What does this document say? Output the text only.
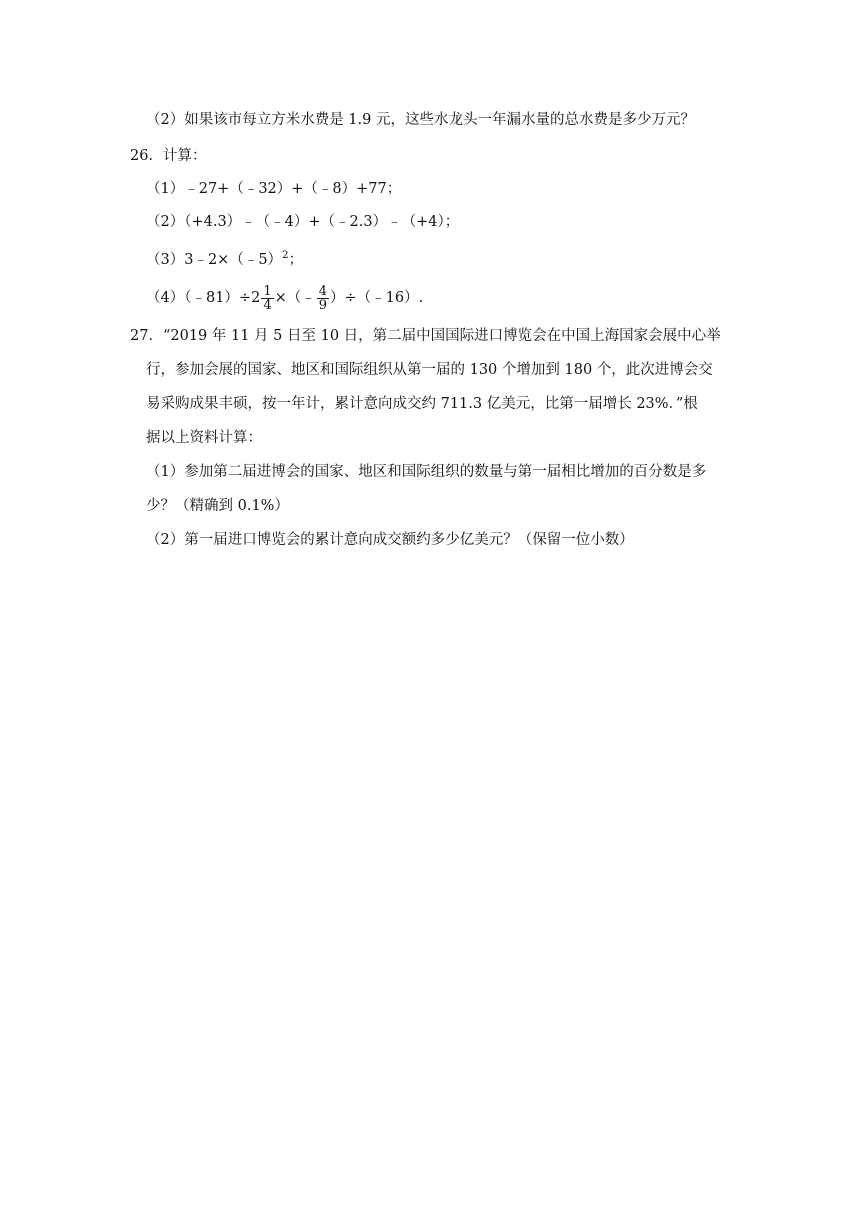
（2）如果该市每立方米水费是 1.9 元，这些水龙头一年漏水量的总水费是多少万元？
26．计算：
（1）﹣27+（﹣32）+（﹣8）+77；
（2）（+4.3）﹣（﹣4）+（﹣2.3）﹣（+4）；
（3）3﹣2×（﹣5）$^2$；
（4）（﹣81）÷2 $\frac{1}{4}$ ×（﹣ $\frac{4}{9}$ ）÷（﹣16）.
27．“2019 年 11 月 5 日至 10 日，第二届中国国际进口博览会在中国上海国家会展中心举
行，参加会展的国家、地区和国际组织从第一届的 130 个增加到 180 个，此次进博会交
易采购成果丰硕，按一年计，累计意向成交约 711.3 亿美元，比第一届增长 23%．”根
据以上资料计算：
（1）参加第二届进博会的国家、地区和国际组织的数量与第一届相比增加的百分数是多
少？（精确到 0.1%）
（2）第一届进口博览会的累计意向成交额约多少亿美元？（保留一位小数）
